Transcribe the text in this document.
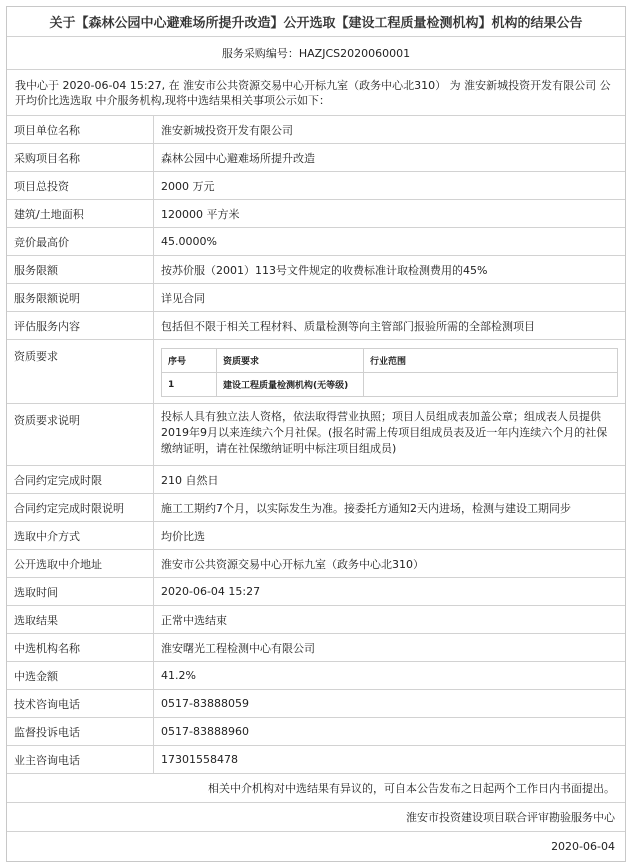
关于【森林公园中心避难场所提升改造】公开选取【建设工程质量检测机构】机构的结果公告
服务采购编号：HAZJCS2020060001
我中心于 2020-06-04 15:27, 在 淮安市公共资源交易中心开标九室（政务中心北310） 为 淮安新城投资开发有限公司 公开均价比选选取 中介服务机构,现将中选结果相关事项公示如下：
项目单位名称	淮安新城投资开发有限公司
采购项目名称	森林公园中心避难场所提升改造
项目总投资	2000 万元
建筑/土地面积	120000 平方米
竞价最高价	45.0000%
服务限额	按苏价服（2001）113号文件规定的收费标准计取检测费用的45%
服务限额说明	详见合同
评估服务内容	包括但不限于相关工程材料、质量检测等向主管部门报验所需的全部检测项目
资质要求	序号	资质要求	行业范围
1	建设工程质量检测机构(无等级)	
资质要求说明	投标人具有独立法人资格，依法取得营业执照；项目人员组成表加盖公章；组成表人员提供2019年9月以来连续六个月社保。(报名时需上传项目组成员表及近一年内连续六个月的社保缴纳证明，请在社保缴纳证明中标注项目组成员)
合同约定完成时限	210 自然日
合同约定完成时限说明	施工工期约7个月，以实际发生为准。接委托方通知2天内进场，检测与建设工期同步
选取中介方式	均价比选
公开选取中介地址	淮安市公共资源交易中心开标九室（政务中心北310）
选取时间	2020-06-04 15:27
选取结果	正常中选结束
中选机构名称	淮安曙光工程检测中心有限公司
中选金额	41.2%
技术咨询电话	0517-83888059
监督投诉电话	0517-83888960
业主咨询电话	17301558478
相关中介机构对中选结果有异议的，可自本公告发布之日起两个工作日内书面提出。
淮安市投资建设项目联合评审勘验服务中心
2020-06-04
